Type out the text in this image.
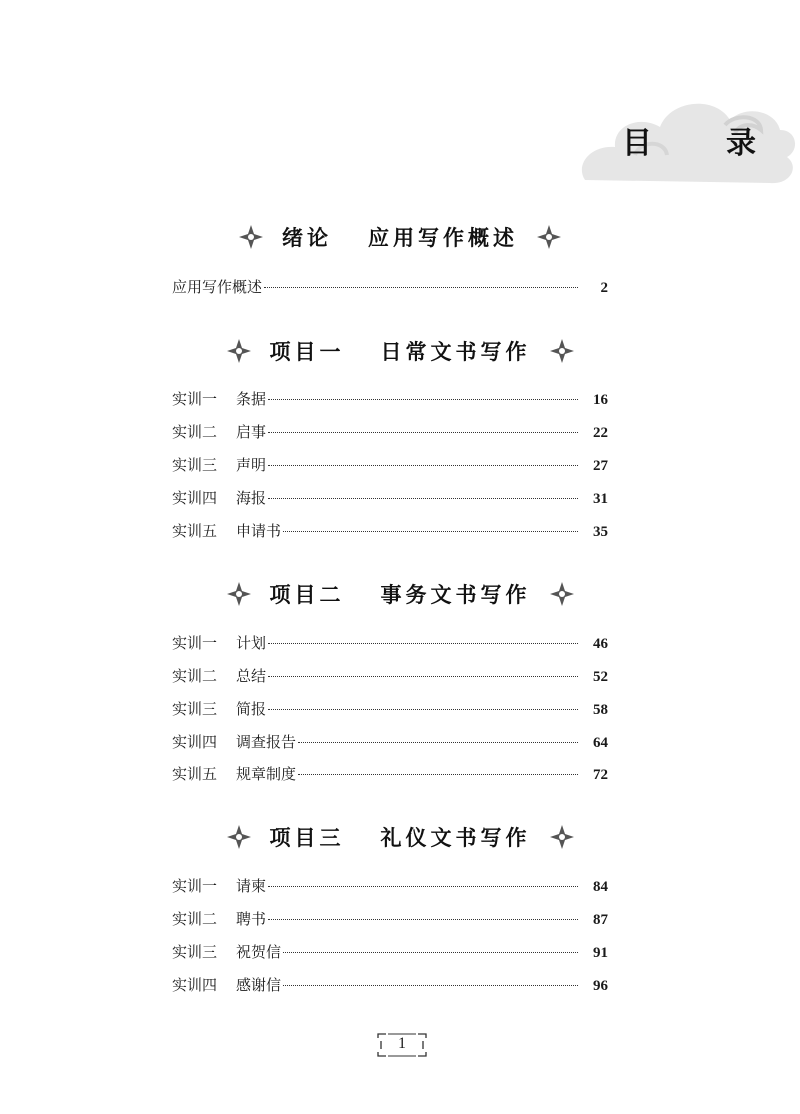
目　录
绪论 应用写作概述
应用写作概述	2
项目一 日常文书写作
实训一	条据	16
实训二	启事	22
实训三	声明	27
实训四	海报	31
实训五	申请书	35
项目二 事务文书写作
实训一	计划	46
实训二	总结	52
实训三	简报	58
实训四	调查报告	64
实训五	规章制度	72
项目三 礼仪文书写作
实训一	请柬	84
实训二	聘书	87
实训三	祝贺信	91
实训四	感谢信	96
1
